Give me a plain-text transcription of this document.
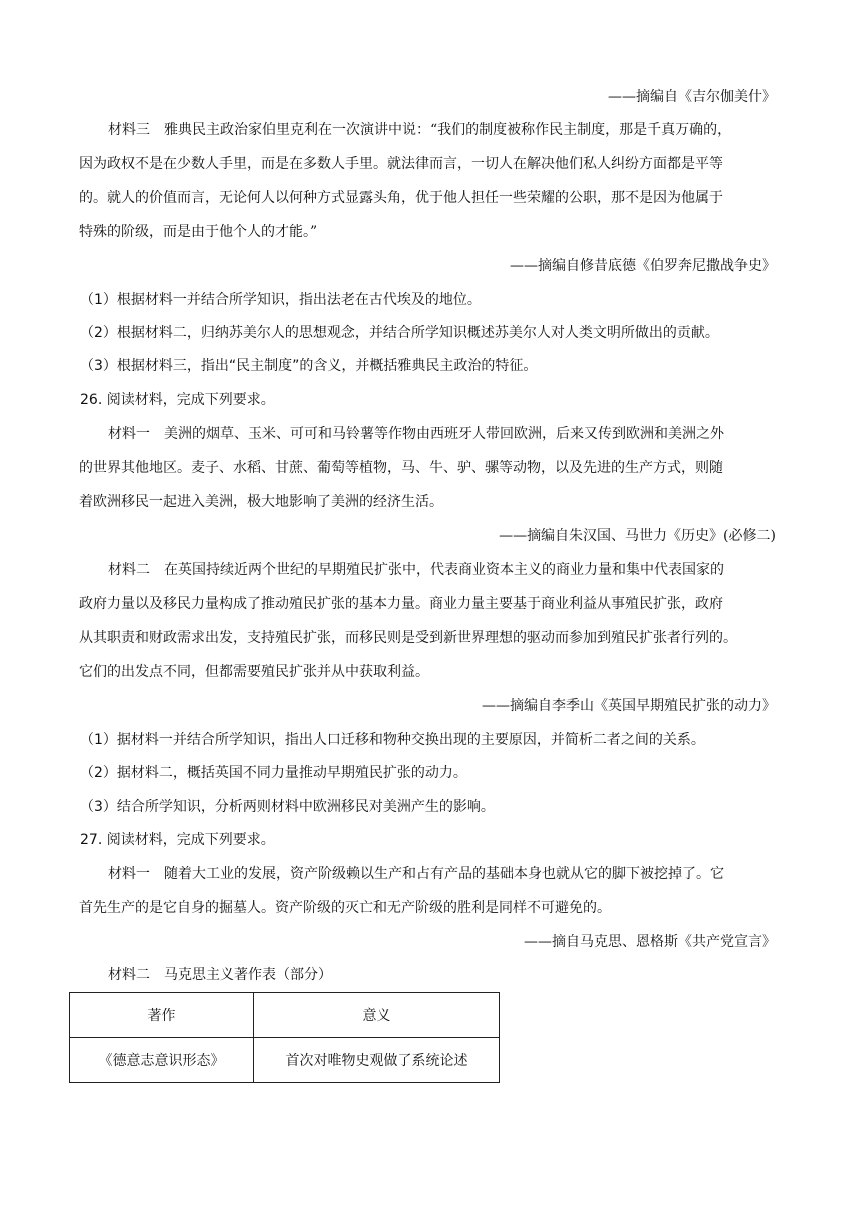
——摘编自《吉尔伽美什》
材料三　雅典民主政治家伯里克利在一次演讲中说：“我们的制度被称作民主制度，那是千真万确的，
因为政权不是在少数人手里，而是在多数人手里。就法律而言，一切人在解决他们私人纠纷方面都是平等
的。就人的价值而言，无论何人以何种方式显露头角，优于他人担任一些荣耀的公职，那不是因为他属于
特殊的阶级，而是由于他个人的才能。”
——摘编自修昔底德《伯罗奔尼撒战争史》
（1）根据材料一并结合所学知识，指出法老在古代埃及的地位。
（2）根据材料二，归纳苏美尔人的思想观念，并结合所学知识概述苏美尔人对人类文明所做出的贡献。
（3）根据材料三，指出“民主制度”的含义，并概括雅典民主政治的特征。
26. 阅读材料，完成下列要求。
材料一　美洲的烟草、玉米、可可和马铃薯等作物由西班牙人带回欧洲，后来又传到欧洲和美洲之外
的世界其他地区。麦子、水稻、甘蔗、葡萄等植物，马、牛、驴、骡等动物，以及先进的生产方式，则随
着欧洲移民一起进入美洲，极大地影响了美洲的经济生活。
——摘编自朱汉国、马世力《历史》(必修二)
材料二　在英国持续近两个世纪的早期殖民扩张中，代表商业资本主义的商业力量和集中代表国家的
政府力量以及移民力量构成了推动殖民扩张的基本力量。商业力量主要基于商业利益从事殖民扩张，政府
从其职责和财政需求出发，支持殖民扩张，而移民则是受到新世界理想的驱动而参加到殖民扩张者行列的。
它们的出发点不同，但都需要殖民扩张并从中获取利益。
——摘编自李季山《英国早期殖民扩张的动力》
（1）据材料一并结合所学知识，指出人口迁移和物种交换出现的主要原因，并简析二者之间的关系。
（2）据材料二，概括英国不同力量推动早期殖民扩张的动力。
（3）结合所学知识，分析两则材料中欧洲移民对美洲产生的影响。
27. 阅读材料，完成下列要求。
材料一　随着大工业的发展，资产阶级赖以生产和占有产品的基础本身也就从它的脚下被挖掉了。它
首先生产的是它自身的掘墓人。资产阶级的灭亡和无产阶级的胜利是同样不可避免的。
——摘自马克思、恩格斯《共产党宣言》
材料二　马克思主义著作表（部分）
著作	意义
《德意志意识形态》	首次对唯物史观做了系统论述
